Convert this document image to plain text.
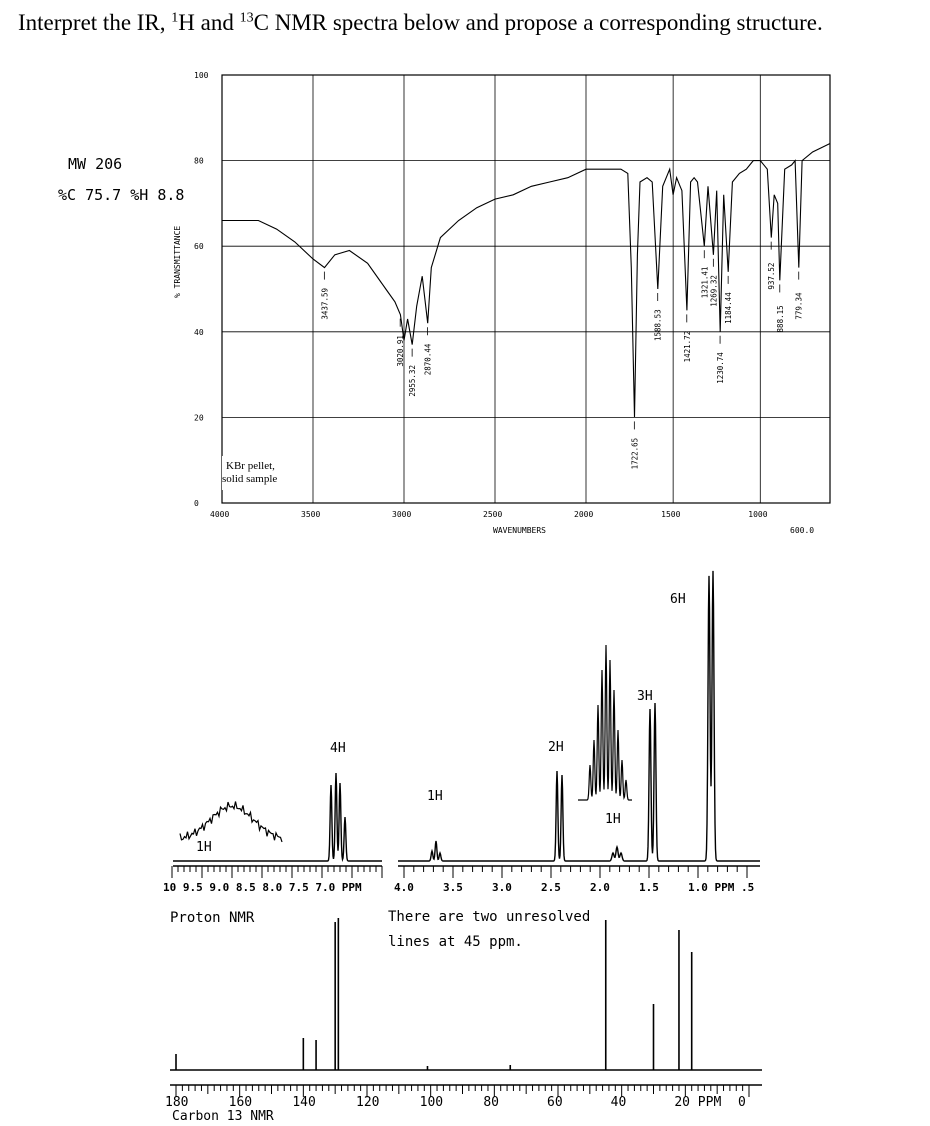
Interpret the IR, $^1$H and $^{13}$C NMR spectra below and propose a corresponding structure.
MW 206
%C 75.7 %H 8.8
0
20
40
60
80
100
4000	3500	3000	2500	2000	1500	1000
3437.59
3020.91
2955.32
2870.44
1722.65
1588.53
1421.72
1321.41 1269.32
1230.74
1184.44
937.52
888.15 779.34
% TRANSMITTANCE
WAVENUMBERS	600.0
KBr pellet,
solid sample
10 9.5 9.0 8.5 8.0 7.5 7.0 PPM	4.0	3.5	3.0	2.5	2.0	1.5	1.0 PPM .5
Proton NMR	There are two unresolved
lines at 45 ppm.
1H
4H
1H
2H
1H
3H
6H
180	160	140	120	100	80	60	40	20 PPM 0
Carbon 13 NMR
